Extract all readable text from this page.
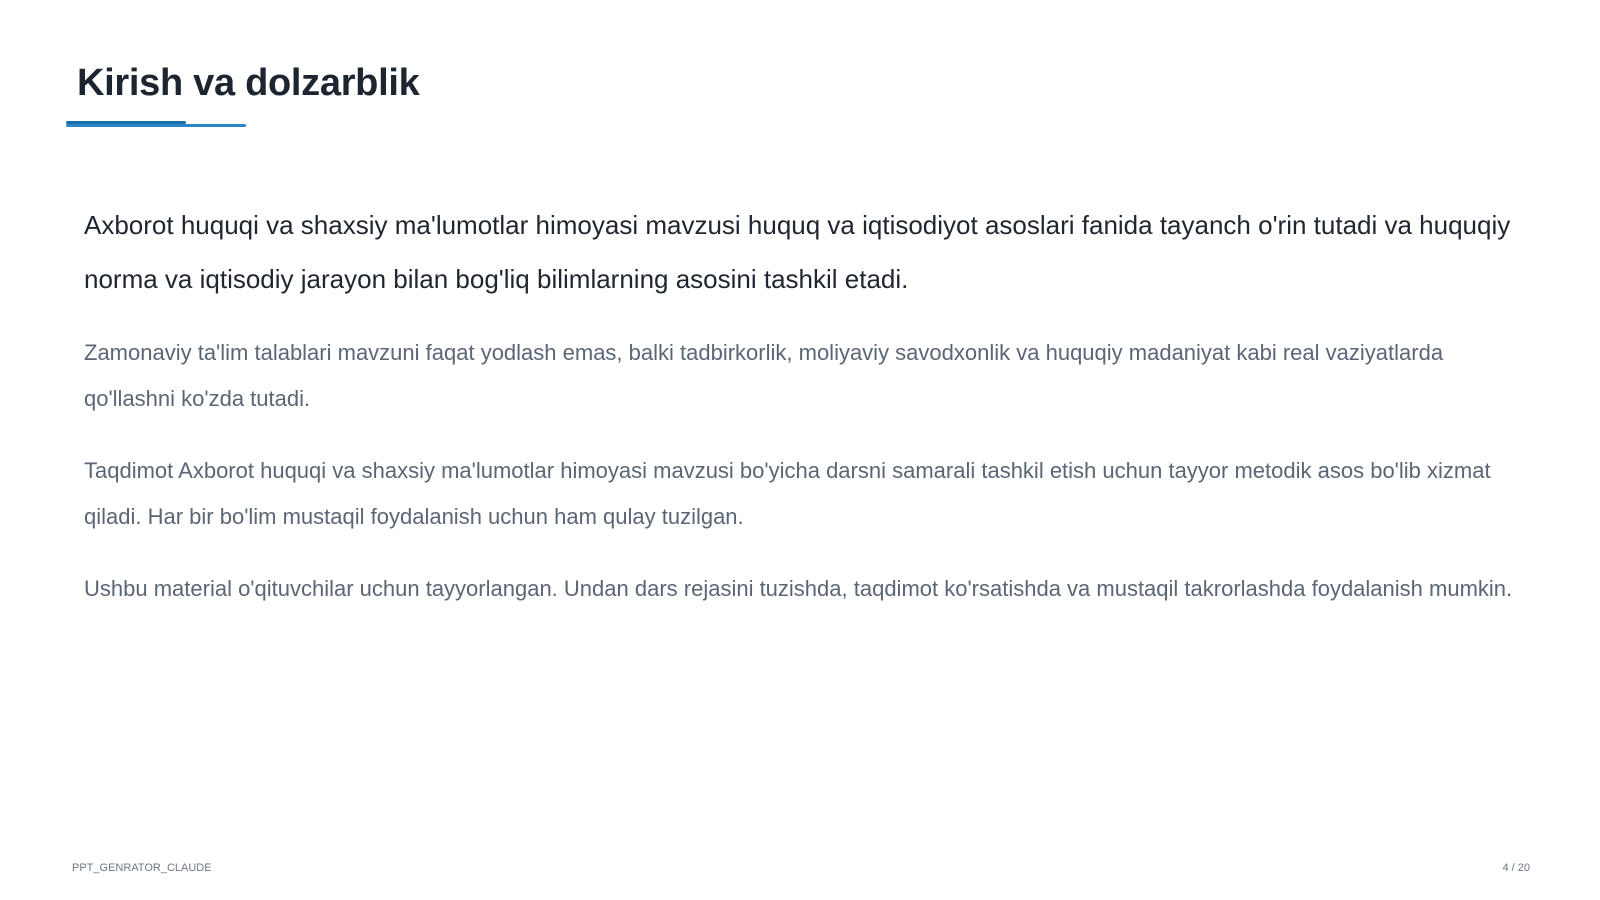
Kirish va dolzarblik

Axborot huquqi va shaxsiy ma'lumotlar himoyasi mavzusi huquq va iqtisodiyot asoslari fanida tayanch o'rin tutadi va huquqiy norma va iqtisodiy jarayon bilan bog'liq bilimlarning asosini tashkil etadi.

Zamonaviy ta'lim talablari mavzuni faqat yodlash emas, balki tadbirkorlik, moliyaviy savodxonlik va huquqiy madaniyat kabi real vaziyatlarda qo'llashni ko'zda tutadi.

Taqdimot Axborot huquqi va shaxsiy ma'lumotlar himoyasi mavzusi bo'yicha darsni samarali tashkil etish uchun tayyor metodik asos bo'lib xizmat qiladi. Har bir bo'lim mustaqil foydalanish uchun ham qulay tuzilgan.

Ushbu material o'qituvchilar uchun tayyorlangan. Undan dars rejasini tuzishda, taqdimot ko'rsatishda va mustaqil takrorlashda foydalanish mumkin.

PPT_GENRATOR_CLAUDE	4 / 20
